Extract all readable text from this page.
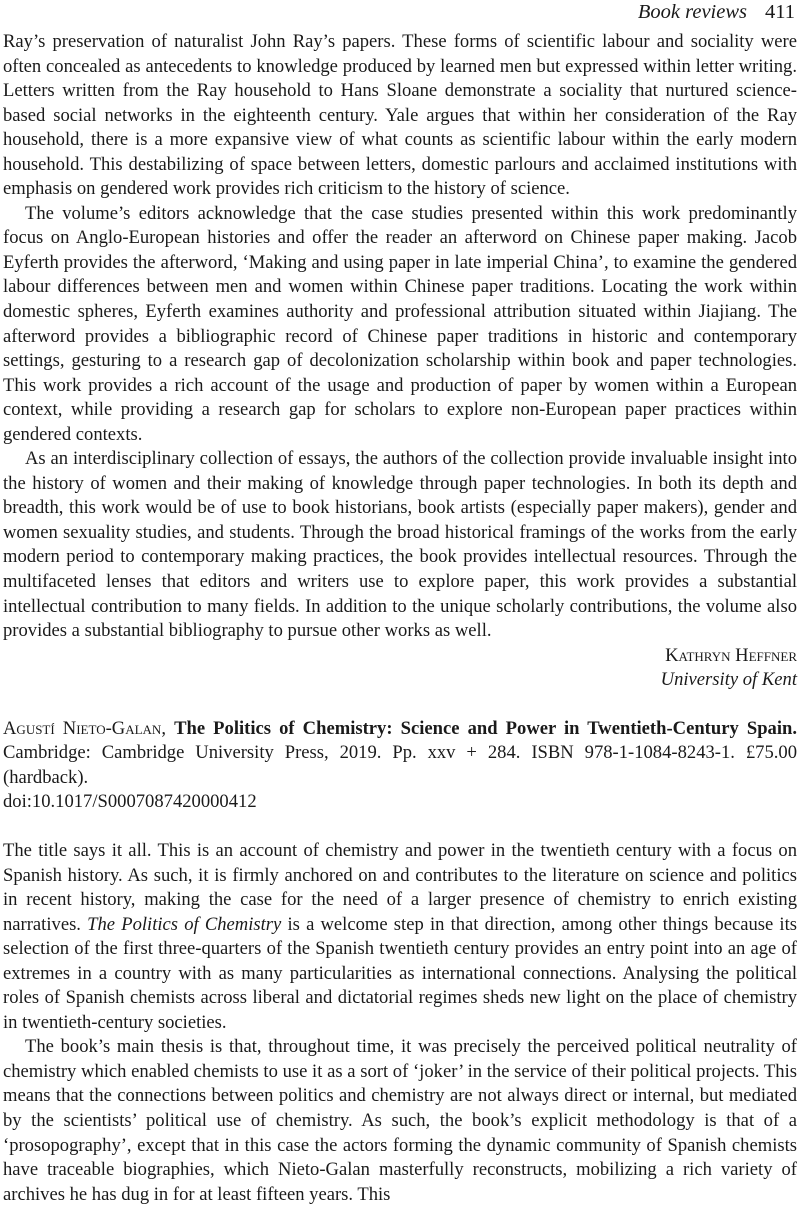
Book reviews 411

Ray’s preservation of naturalist John Ray’s papers. These forms of scientific labour and sociality were often concealed as antecedents to knowledge produced by learned men but expressed within letter writing. Letters written from the Ray household to Hans Sloane demonstrate a sociality that nurtured science-based social networks in the eighteenth century. Yale argues that within her consideration of the Ray household, there is a more expansive view of what counts as scientific labour within the early modern household. This destabilizing of space between letters, domestic parlours and acclaimed institutions with emphasis on gendered work provides rich criticism to the history of science.

The volume’s editors acknowledge that the case studies presented within this work predominantly focus on Anglo-European histories and offer the reader an afterword on Chinese paper making. Jacob Eyferth provides the afterword, ‘Making and using paper in late imperial China’, to examine the gendered labour differences between men and women within Chinese paper traditions. Locating the work within domestic spheres, Eyferth examines authority and professional attribution situated within Jiajiang. The afterword provides a bibliographic record of Chinese paper traditions in historic and contemporary settings, gesturing to a research gap of decolonization scholarship within book and paper technologies. This work provides a rich account of the usage and production of paper by women within a European context, while providing a research gap for scholars to explore non-European paper practices within gendered contexts.

As an interdisciplinary collection of essays, the authors of the collection provide invaluable insight into the history of women and their making of knowledge through paper technologies. In both its depth and breadth, this work would be of use to book historians, book artists (especially paper makers), gender and women sexuality studies, and students. Through the broad historical framings of the works from the early modern period to contemporary making practices, the book provides intellectual resources. Through the multifaceted lenses that editors and writers use to explore paper, this work provides a substantial intellectual contribution to many fields. In addition to the unique scholarly contributions, the volume also provides a substantial bibliography to pursue other works as well.

Kathryn Heffner
University of Kent

Agustí Nieto-Galan, The Politics of Chemistry: Science and Power in Twentieth-Century Spain. Cambridge: Cambridge University Press, 2019. Pp. xxv + 284. ISBN 978-1-1084-8243-1. £75.00 (hardback).

doi:10.1017/S0007087420000412

The title says it all. This is an account of chemistry and power in the twentieth century with a focus on Spanish history. As such, it is firmly anchored on and contributes to the literature on science and politics in recent history, making the case for the need of a larger presence of chemistry to enrich existing narratives. The Politics of Chemistry is a welcome step in that direction, among other things because its selection of the first three-quarters of the Spanish twentieth century provides an entry point into an age of extremes in a country with as many particularities as international connections. Analysing the political roles of Spanish chemists across liberal and dictatorial regimes sheds new light on the place of chemistry in twentieth-century societies.

The book’s main thesis is that, throughout time, it was precisely the perceived political neutrality of chemistry which enabled chemists to use it as a sort of ‘joker’ in the service of their political projects. This means that the connections between politics and chemistry are not always direct or internal, but mediated by the scientists’ political use of chemistry. As such, the book’s explicit methodology is that of a ‘prosopography’, except that in this case the actors forming the dynamic community of Spanish chemists have traceable biographies, which Nieto-Galan masterfully reconstructs, mobilizing a rich variety of archives he has dug in for at least fifteen years. This
